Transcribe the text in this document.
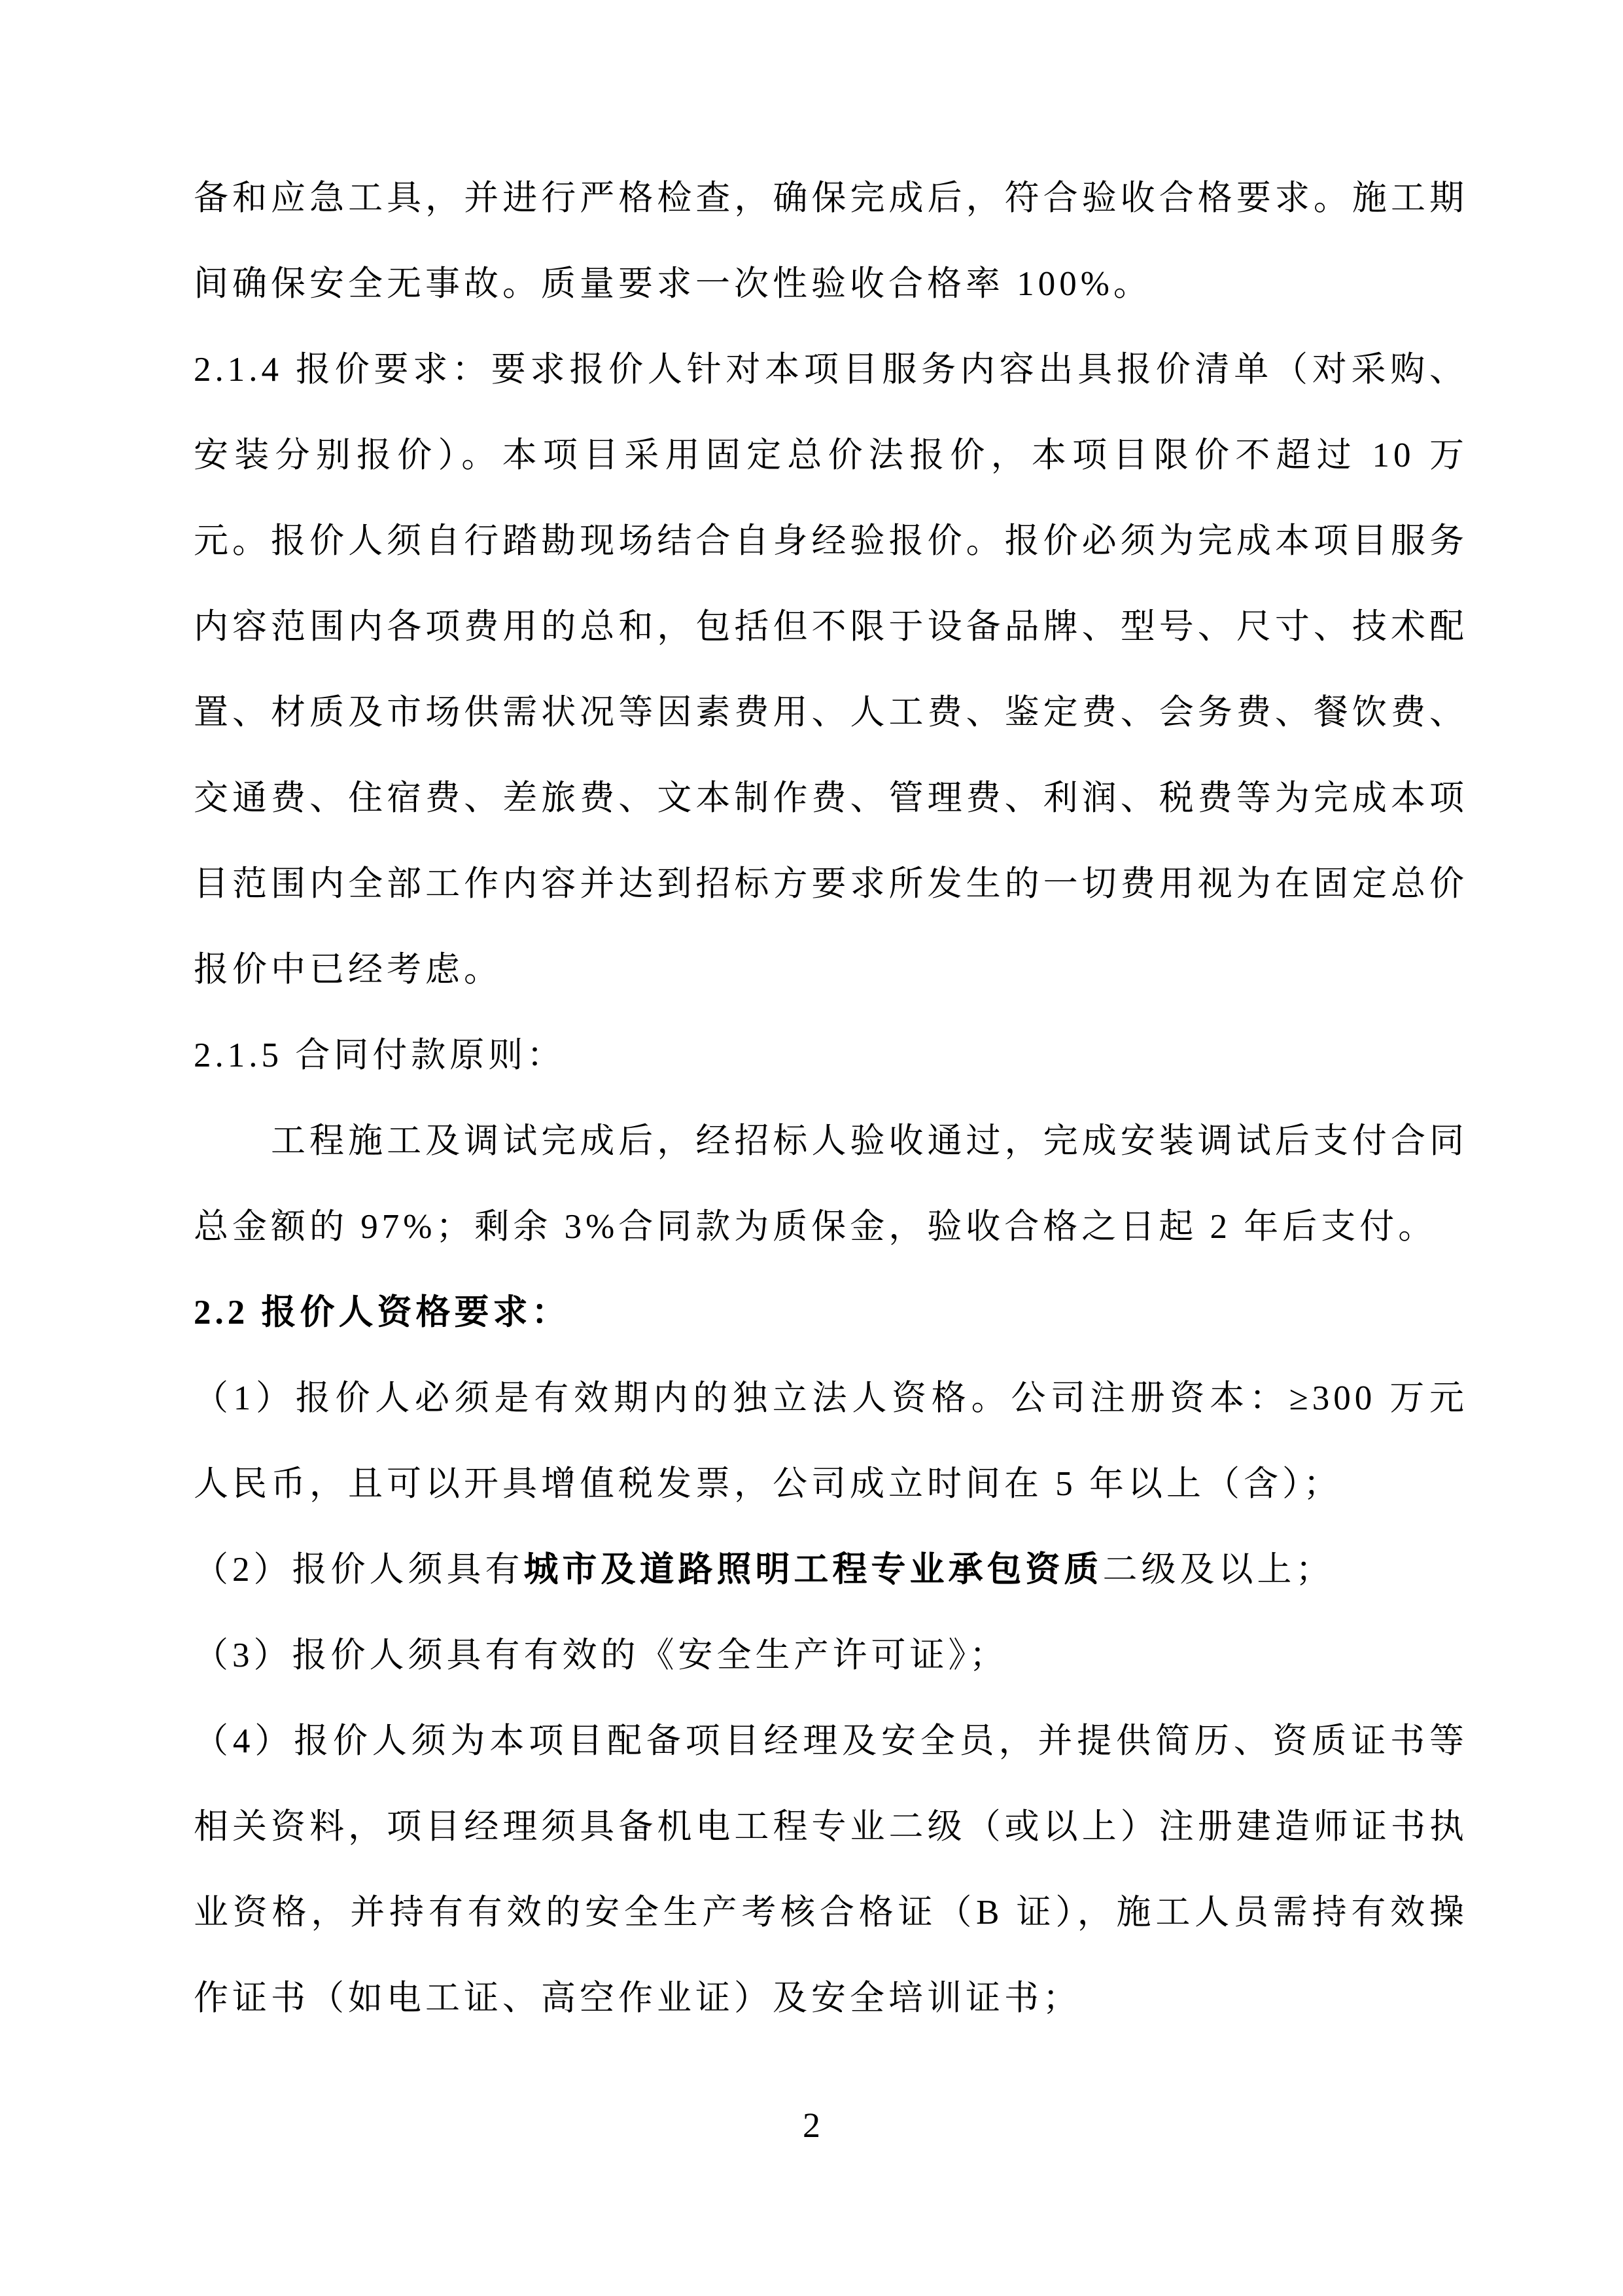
备和应急工具，并进行严格检查，确保完成后，符合验收合格要求。施工期间确保安全无事故。质量要求一次性验收合格率 100%。

2.1.4 报价要求：要求报价人针对本项目服务内容出具报价清单（对采购、安装分别报价）。本项目采用固定总价法报价，本项目限价不超过 10 万元。报价人须自行踏勘现场结合自身经验报价。报价必须为完成本项目服务内容范围内各项费用的总和，包括但不限于设备品牌、型号、尺寸、技术配置、材质及市场供需状况等因素费用、人工费、鉴定费、会务费、餐饮费、交通费、住宿费、差旅费、文本制作费、管理费、利润、税费等为完成本项目范围内全部工作内容并达到招标方要求所发生的一切费用视为在固定总价报价中已经考虑。

2.1.5 合同付款原则：

工程施工及调试完成后，经招标人验收通过，完成安装调试后支付合同总金额的 97%；剩余 3%合同款为质保金，验收合格之日起 2 年后支付。

2.2 报价人资格要求：

（1）报价人必须是有效期内的独立法人资格。公司注册资本：≥300 万元人民币，且可以开具增值税发票，公司成立时间在 5 年以上（含）；

（2）报价人须具有城市及道路照明工程专业承包资质二级及以上；

（3）报价人须具有有效的《安全生产许可证》；

（4）报价人须为本项目配备项目经理及安全员，并提供简历、资质证书等相关资料，项目经理须具备机电工程专业二级（或以上）注册建造师证书执业资格，并持有有效的安全生产考核合格证（B 证），施工人员需持有效操作证书（如电工证、高空作业证）及安全培训证书；

2
